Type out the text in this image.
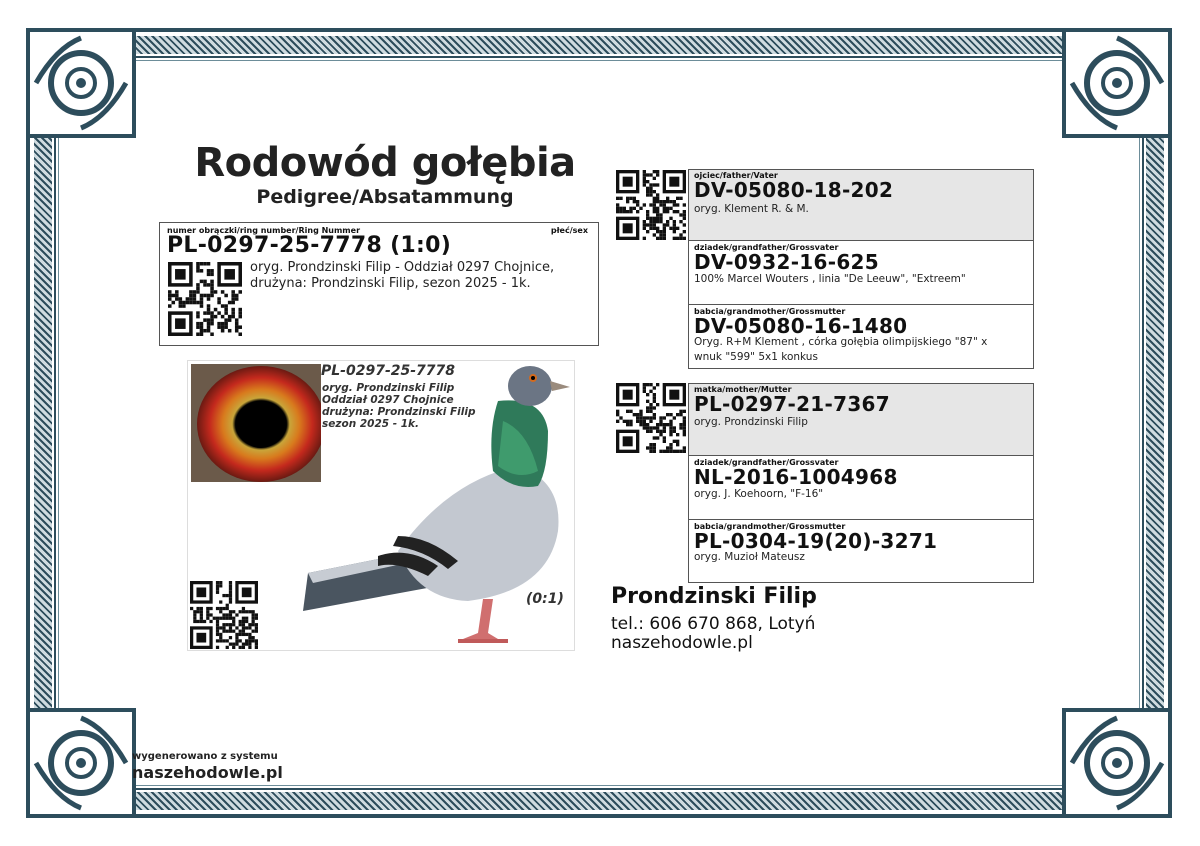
Rodowód gołębia
Pedigree/Absatammung
numer obrączki/ring number/Ring Nummer	płeć/sex
PL-0297-25-7778 (1:0)
oryg. Prondzinski Filip - Oddział 0297 Chojnice,
drużyna: Prondzinski Filip, sezon 2025 - 1k.
PL-0297-25-7778
oryg. Prondzinski Filip
Oddział 0297 Chojnice
drużyna: Prondzinski Filip
sezon 2025 - 1k.
(0:1)
ojciec/father/Vater
DV-05080-18-202
oryg. Klement R. & M.
dziadek/grandfather/Grossvater
DV-0932-16-625
100% Marcel Wouters , linia "De Leeuw", "Extreem"
babcia/grandmother/Grossmutter
DV-05080-16-1480
Oryg. R+M Klement , córka gołębia olimpijskiego "87" x
wnuk "599" 5x1 konkus
matka/mother/Mutter
PL-0297-21-7367
oryg. Prondzinski Filip
dziadek/grandfather/Grossvater
NL-2016-1004968
oryg. J. Koehoorn, "F-16"
babcia/grandmother/Grossmutter
PL-0304-19(20)-3271
oryg. Muzioł Mateusz
Prondzinski Filip
tel.: 606 670 868, Lotyń
naszehodowle.pl
wygenerowano z systemu
naszehodowle.pl
